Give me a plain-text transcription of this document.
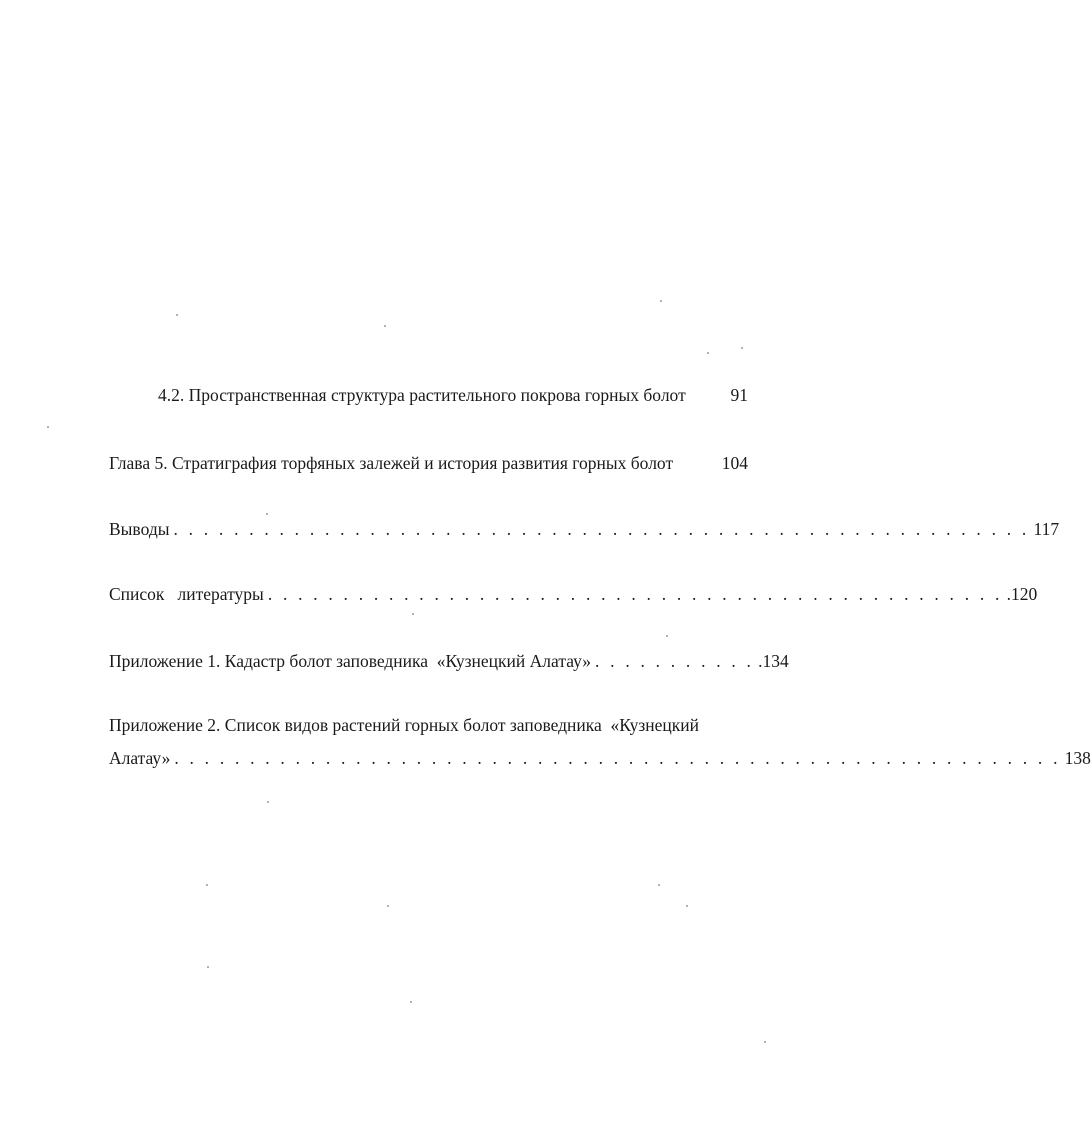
4.2. Пространственная структура растительного покрова горных болот	91
Глава 5. Стратиграфия торфяных залежей и история развития горных болот	104
Выводы . . . . . . . . . . . . . . . . . . . . . . . . . . . . . . . . . . . . . . . . . . . . . . . . . . . . . . . . . 117
Список   литературы . . . . . . . . . . . . . . . . . . . . . . . . . . . . . . . . . . . . . . . . . . . . . . . . . .120
Приложение 1. Кадастр болот заповедника  «Кузнецкий Алатау» . . . . . . . . . . . .134
Приложение 2. Список видов растений горных болот заповедника  «Кузнецкий
Алатау» . . . . . . . . . . . . . . . . . . . . . . . . . . . . . . . . . . . . . . . . . . . . . . . . . . . . . . . . . . . 138
